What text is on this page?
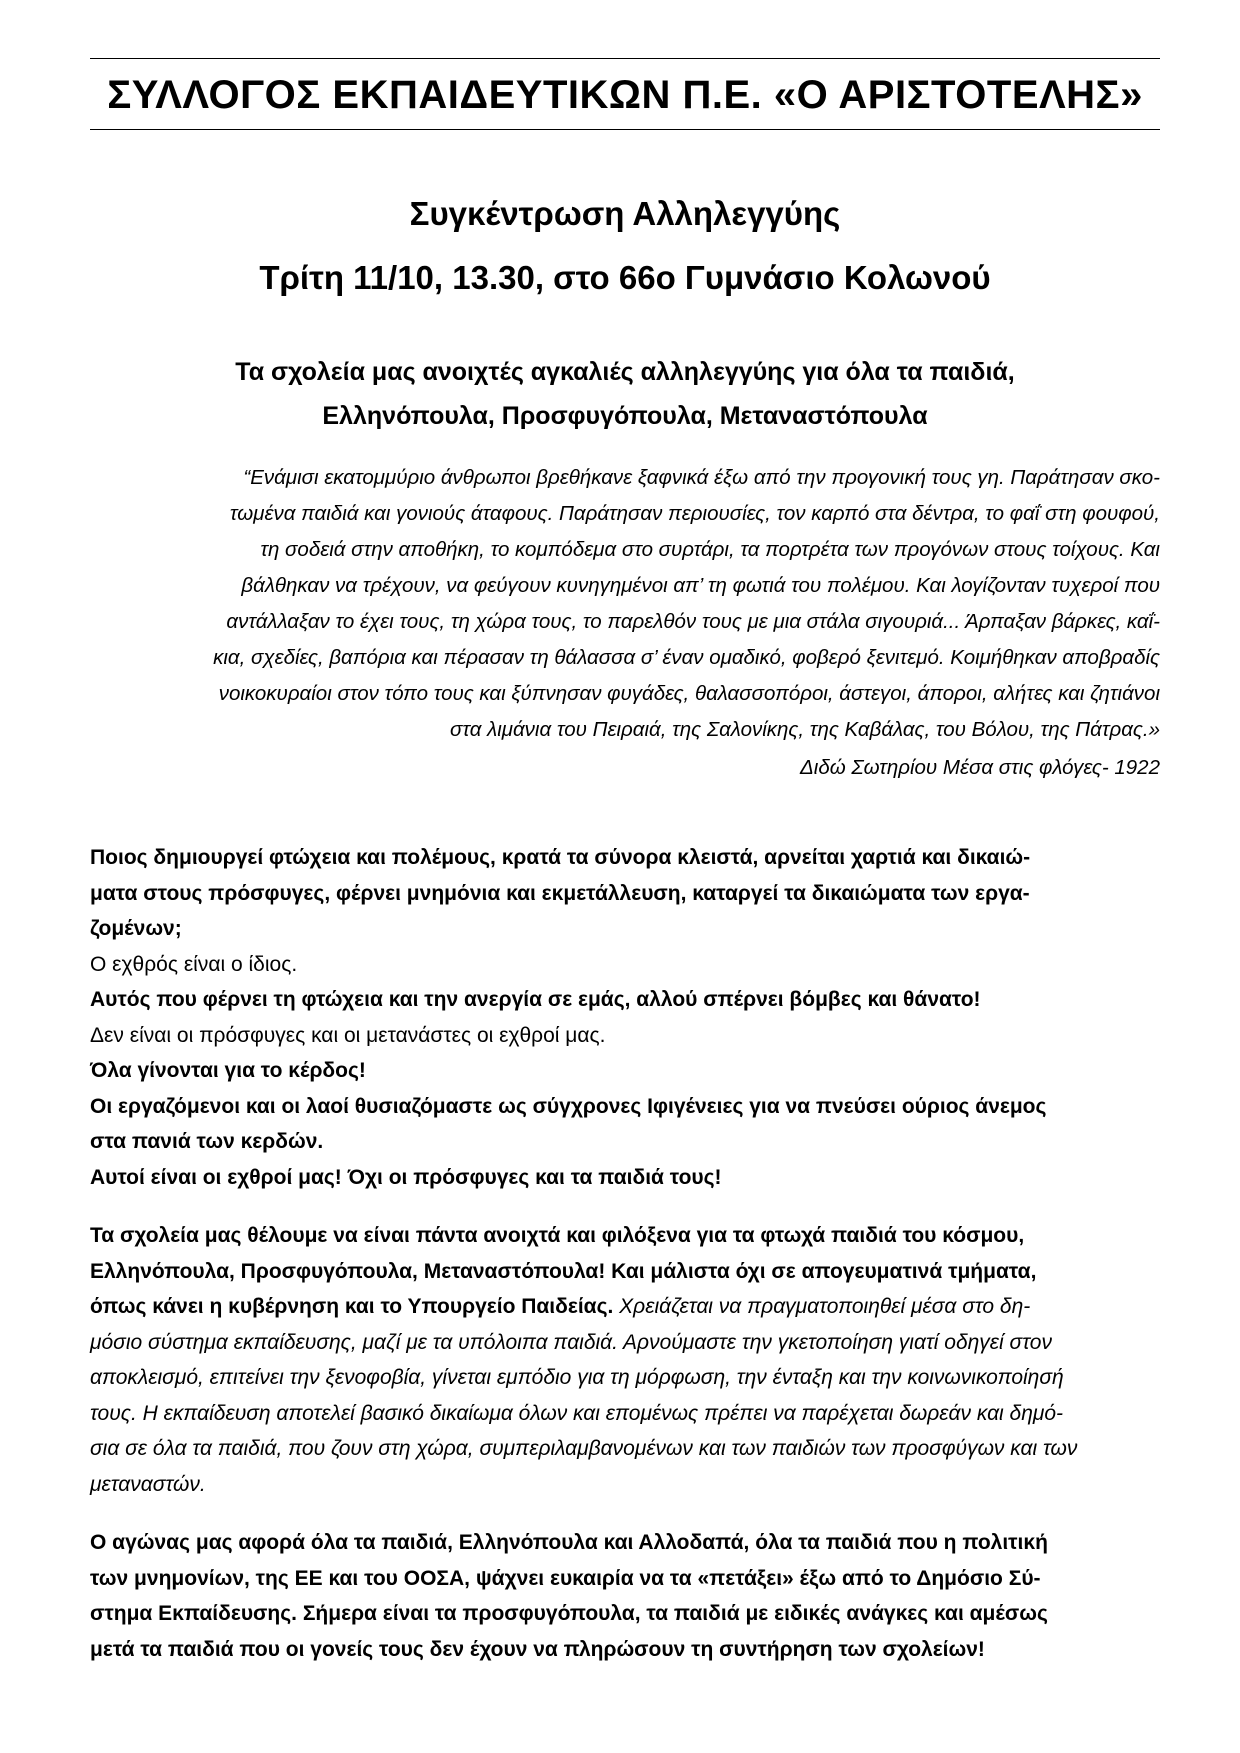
ΣΥΛΛΟΓΟΣ ΕΚΠΑΙΔΕΥΤΙΚΩΝ Π.Ε. «Ο ΑΡΙΣΤΟΤΕΛΗΣ»
Συγκέντρωση Αλληλεγγύης
Τρίτη 11/10, 13.30, στο 66ο Γυμνάσιο Κολωνού
Τα σχολεία μας ανοιχτές αγκαλιές αλληλεγγύης για όλα τα παιδιά,
Ελληνόπουλα, Προσφυγόπουλα, Μεταναστόπουλα
“Ενάμισι εκατομμύριο άνθρωποι βρεθήκανε ξαφνικά έξω από την προγονική τους γη. Παράτησαν σκο-
τωμένα παιδιά και γονιούς άταφους. Παράτησαν περιουσίες, τον καρπό στα δέντρα, το φαΐ στη φουφού,
τη σοδειά στην αποθήκη, το κομπόδεμα στο συρτάρι, τα πορτρέτα των προγόνων στους τοίχους. Και
βάλθηκαν να τρέχουν, να φεύγουν κυνηγημένοι απ’ τη φωτιά του πολέμου. Και λογίζονταν τυχεροί που
αντάλλαξαν το έχει τους, τη χώρα τους, το παρελθόν τους με μια στάλα σιγουριά... Άρπαξαν βάρκες, καΐ-
κια, σχεδίες, βαπόρια και πέρασαν τη θάλασσα σ’ έναν ομαδικό, φοβερό ξενιτεμό. Κοιμήθηκαν αποβραδίς
νοικοκυραίοι στον τόπο τους και ξύπνησαν φυγάδες, θαλασσοπόροι, άστεγοι, άποροι, αλήτες και ζητιάνοι
στα λιμάνια του Πειραιά, της Σαλονίκης, της Καβάλας, του Βόλου, της Πάτρας.»
Διδώ Σωτηρίου Μέσα στις φλόγες- 1922
Ποιος δημιουργεί φτώχεια και πολέμους, κρατά τα σύνορα κλειστά, αρνείται χαρτιά και δικαιώ-
ματα στους πρόσφυγες, φέρνει μνημόνια και εκμετάλλευση, καταργεί τα δικαιώματα των εργα-
ζομένων;
Ο εχθρός είναι ο ίδιος.
Αυτός που φέρνει τη φτώχεια και την ανεργία σε εμάς, αλλού σπέρνει βόμβες και θάνατο!
Δεν είναι οι πρόσφυγες και οι μετανάστες οι εχθροί μας.
Όλα γίνονται για το κέρδος!
Οι εργαζόμενοι και οι λαοί θυσιαζόμαστε ως σύγχρονες Ιφιγένειες για να πνεύσει ούριος άνεμος
στα πανιά των κερδών.
Αυτοί είναι οι εχθροί μας! Όχι οι πρόσφυγες και τα παιδιά τους!
Τα σχολεία μας θέλουμε να είναι πάντα ανοιχτά και φιλόξενα για τα φτωχά παιδιά του κόσμου,
Ελληνόπουλα, Προσφυγόπουλα, Μεταναστόπουλα! Και μάλιστα όχι σε απογευματινά τμήματα,
όπως κάνει η κυβέρνηση και το Υπουργείο Παιδείας. Χρειάζεται να πραγματοποιηθεί μέσα στο δη-
μόσιο σύστημα εκπαίδευσης, μαζί με τα υπόλοιπα παιδιά. Αρνούμαστε την γκετοποίηση γιατί οδηγεί στον
αποκλεισμό, επιτείνει την ξενοφοβία, γίνεται εμπόδιο για τη μόρφωση, την ένταξη και την κοινωνικοποίησή
τους. Η εκπαίδευση αποτελεί βασικό δικαίωμα όλων και επομένως πρέπει να παρέχεται δωρεάν και δημό-
σια σε όλα τα παιδιά, που ζουν στη χώρα, συμπεριλαμβανομένων και των παιδιών των προσφύγων και των
μεταναστών.
Ο αγώνας μας αφορά όλα τα παιδιά, Ελληνόπουλα και Αλλοδαπά, όλα τα παιδιά που η πολιτική
των μνημονίων, της ΕΕ και του ΟΟΣΑ, ψάχνει ευκαιρία να τα «πετάξει» έξω από το Δημόσιο Σύ-
στημα Εκπαίδευσης. Σήμερα είναι τα προσφυγόπουλα, τα παιδιά με ειδικές ανάγκες και αμέσως
μετά τα παιδιά που οι γονείς τους δεν έχουν να πληρώσουν τη συντήρηση των σχολείων!
